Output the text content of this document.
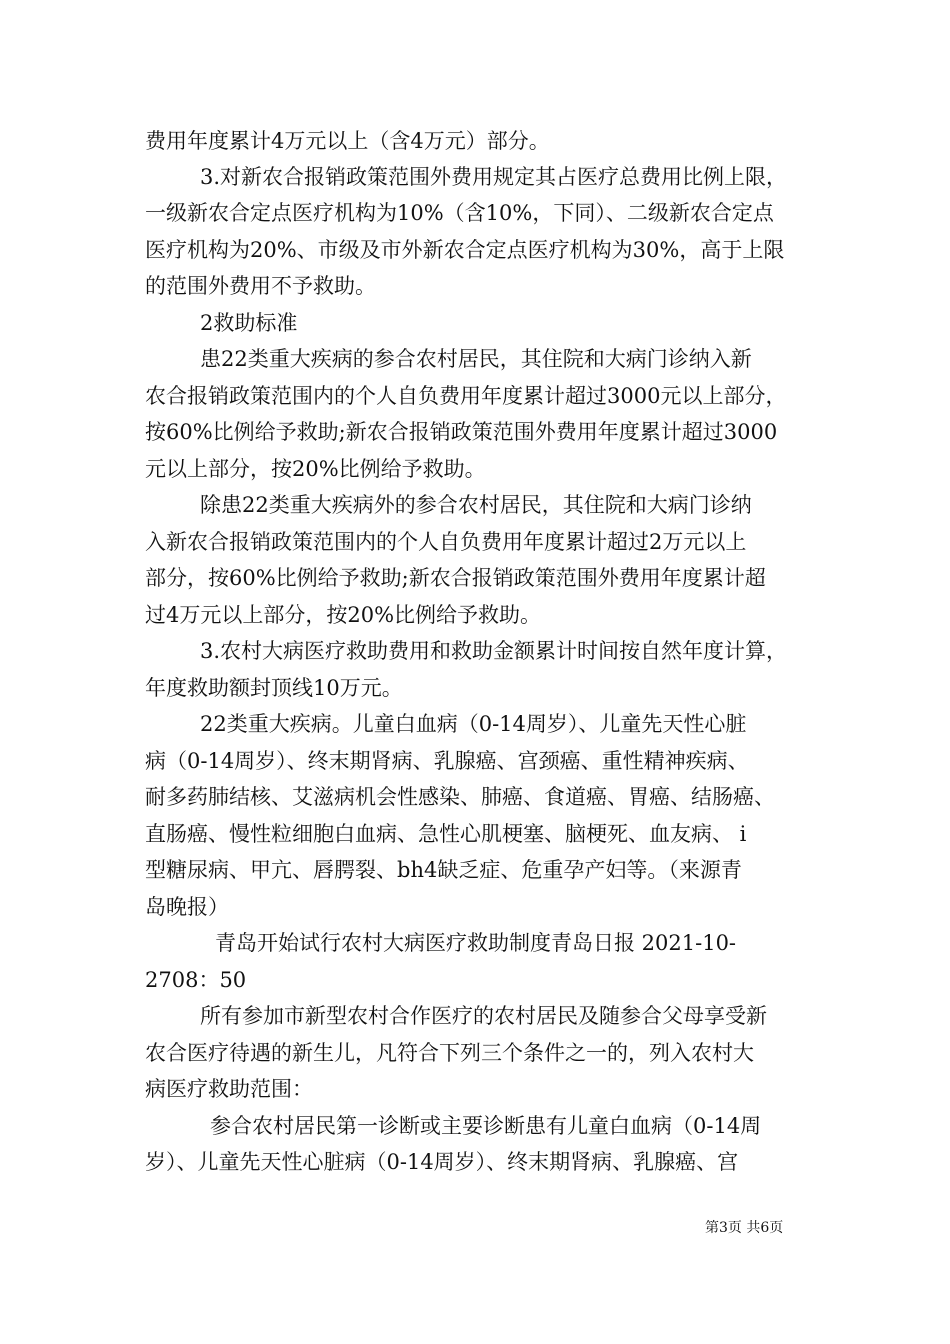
费用年度累计4万元以上（含4万元）部分。
3.对新农合报销政策范围外费用规定其占医疗总费用比例上限，
一级新农合定点医疗机构为10%（含10%，下同）、二级新农合定点
医疗机构为20%、市级及市外新农合定点医疗机构为30%，高于上限
的范围外费用不予救助。
2救助标准
患22类重大疾病的参合农村居民，其住院和大病门诊纳入新
农合报销政策范围内的个人自负费用年度累计超过3000元以上部分，
按60%比例给予救助;新农合报销政策范围外费用年度累计超过3000
元以上部分，按20%比例给予救助。
除患22类重大疾病外的参合农村居民，其住院和大病门诊纳
入新农合报销政策范围内的个人自负费用年度累计超过2万元以上
部分，按60%比例给予救助;新农合报销政策范围外费用年度累计超
过4万元以上部分，按20%比例给予救助。
3.农村大病医疗救助费用和救助金额累计时间按自然年度计算，
年度救助额封顶线10万元。
22类重大疾病。儿童白血病（0-14周岁）、儿童先天性心脏
病（0-14周岁）、终末期肾病、乳腺癌、宫颈癌、重性精神疾病、
耐多药肺结核、艾滋病机会性感染、肺癌、食道癌、胃癌、结肠癌、
直肠癌、慢性粒细胞白血病、急性心肌梗塞、脑梗死、血友病、 i
型糖尿病、甲亢、唇腭裂、bh4缺乏症、危重孕产妇等。（来源青
岛晚报）
青岛开始试行农村大病医疗救助制度青岛日报 2021-10-
2708：50
所有参加市新型农村合作医疗的农村居民及随参合父母享受新
农合医疗待遇的新生儿，凡符合下列三个条件之一的，列入农村大
病医疗救助范围：
参合农村居民第一诊断或主要诊断患有儿童白血病（0-14周
岁）、儿童先天性心脏病（0-14周岁）、终末期肾病、乳腺癌、宫
第3页 共6页
